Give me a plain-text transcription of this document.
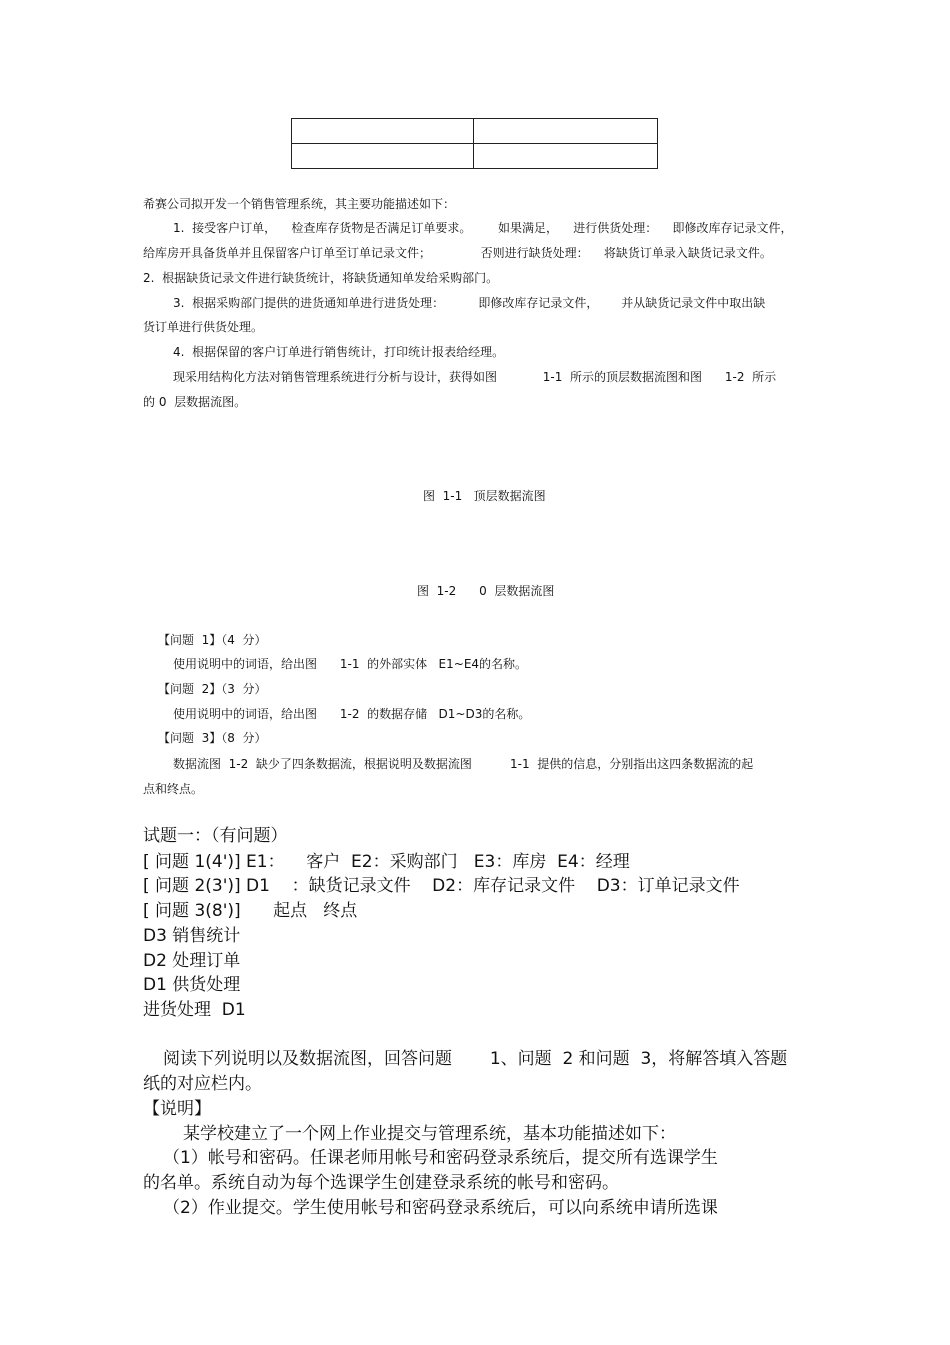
希赛公司拟开发一个销售管理系统，其主要功能描述如下：
1.  接受客户订单，    检查库存货物是否满足订单要求。       如果满足，    进行供货处理：    即修改库存记录文件，
给库房开具备货单并且保留客户订单至订单记录文件；             否则进行缺货处理：    将缺货订单录入缺货记录文件。
2.  根据缺货记录文件进行缺货统计，将缺货通知单发给采购部门。
3.  根据采购部门提供的进货通知单进行进货处理：         即修改库存记录文件，      并从缺货记录文件中取出缺
货订单进行供货处理。
4.  根据保留的客户订单进行销售统计，打印统计报表给经理。
现采用结构化方法对销售管理系统进行分析与设计，获得如图            1-1  所示的顶层数据流图和图      1-2  所示
的 0  层数据流图。
图  1-1   顶层数据流图
图  1-2      0  层数据流图
【问题  1】（4  分）
使用说明中的词语，给出图      1-1  的外部实体   E1~E4的名称。
【问题  2】（3  分）
使用说明中的词语，给出图      1-2  的数据存储   D1~D3的名称。
【问题  3】（8  分）
数据流图  1-2  缺少了四条数据流，根据说明及数据流图          1-1  提供的信息，分别指出这四条数据流的起
点和终点。
试题一：（有问题）
[ 问题 1(4')] E1：    客户  E2：采购部门   E3：库房  E4：经理
[ 问题 2(3')] D1    ：缺货记录文件    D2：库存记录文件    D3：订单记录文件
[ 问题 3(8')]      起点   终点
D3 销售统计
D2 处理订单
D1 供货处理
进货处理  D1
阅读下列说明以及数据流图，回答问题       1、问题  2 和问题  3，将解答填入答题
纸的对应栏内。
【说明】
某学校建立了一个网上作业提交与管理系统，基本功能描述如下：
（1）帐号和密码。任课老师用帐号和密码登录系统后，提交所有选课学生
的名单。系统自动为每个选课学生创建登录系统的帐号和密码。
（2）作业提交。学生使用帐号和密码登录系统后，可以向系统申请所选课
